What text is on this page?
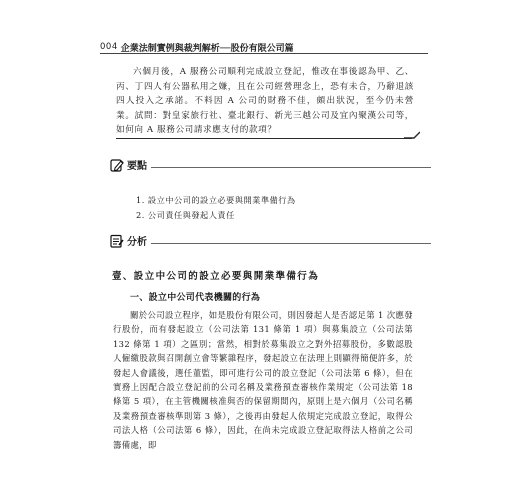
004 企業法制實例與裁判解析──股份有限公司篇

六個月後，A 服務公司順利完成設立登記，惟改在事後認為甲、乙、丙、丁四人有公器私用之嫌，且在公司經營理念上，恐有未合，乃辭退該四人投入之承諾。不料因 A 公司的財務不佳，頗出狀況，至今仍未營業。試問：對皇家旅行社、臺北銀行、新光三越公司及宜內聚漢公司等，如何向 A 服務公司請求應支付的款項？

要點
1. 設立中公司的設立必要與開業準備行為
2. 公司責任與發起人責任
分析
壹、設立中公司的設立必要與開業準備行為
一、設立中公司代表機關的行為

關於公司設立程序，如是股份有限公司，則因發起人是否認足第 1 次應發行股份，而有發起設立（公司法第 131 條第 1 項）與募集設立（公司法第 132 條第 1 項）之區別；當然，相對於募集設立之對外招募股份，多數認股人僱繳股款與召開創立會等繁雜程序，發起設立在法理上則顯得簡便許多，於發起人會議後，選任董監，即可進行公司的設立登記（公司法第 6 條），但在實務上因配合設立登記前的公司名稱及業務預查審核作業規定（公司法第 18 條第 5 項），在主管機關核准與否的保留期間內，原則上是六個月（公司名稱及業務預查審核準則第 3 條），之後再由發起人依規定完成設立登記，取得公司法人格（公司法第 6 條），因此，在尚未完成設立登記取得法人格前之公司籌備處，即
